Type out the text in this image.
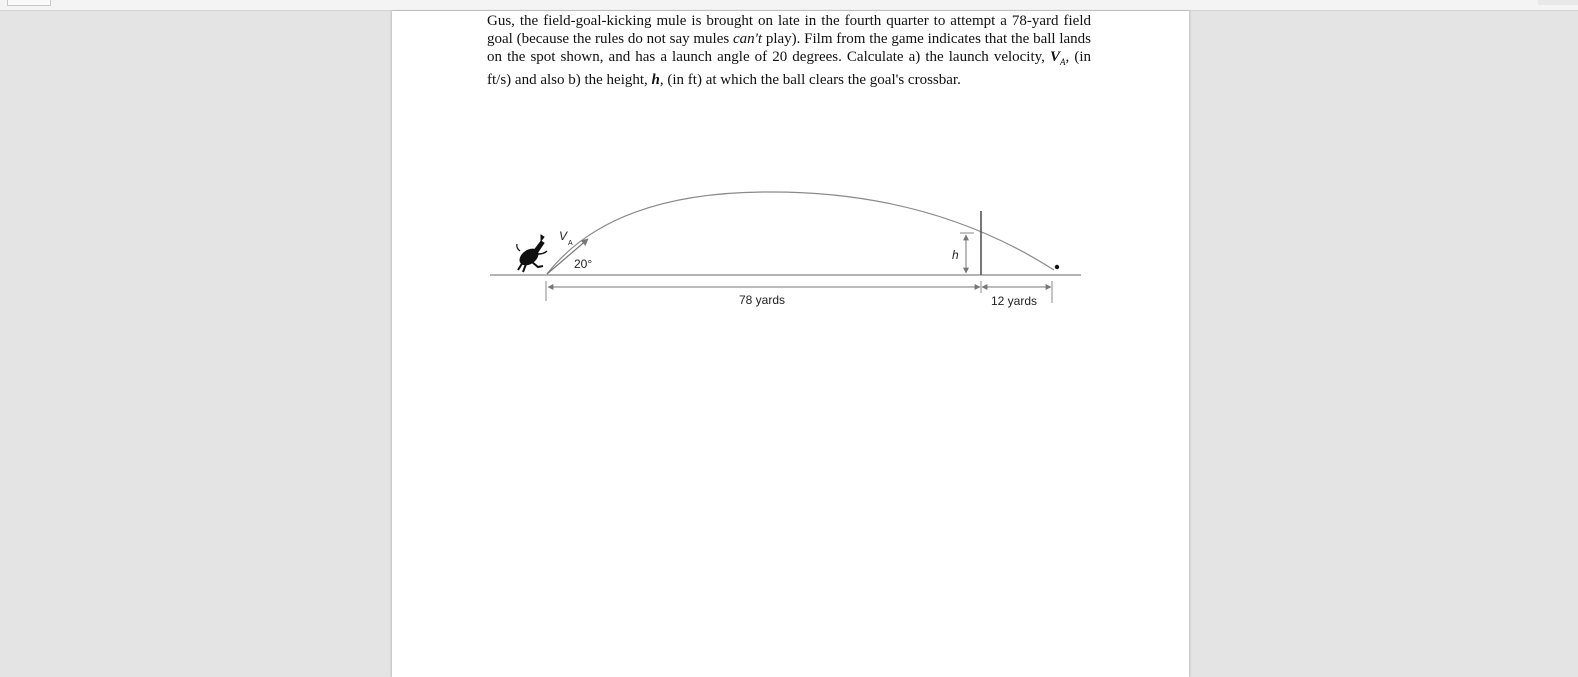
Gus, the field-goal-kicking mule is brought on late in the fourth quarter to attempt a 78-yard field goal (because the rules do not say mules can't play). Film from the game indicates that the ball lands on the spot shown, and has a launch angle of 20 degrees. Calculate a) the launch velocity, $V_A$, (in ft/s) and also b) the height, h, (in ft) at which the ball clears the goal's crossbar.

V
A
20°
h
78 yards	12 yards
